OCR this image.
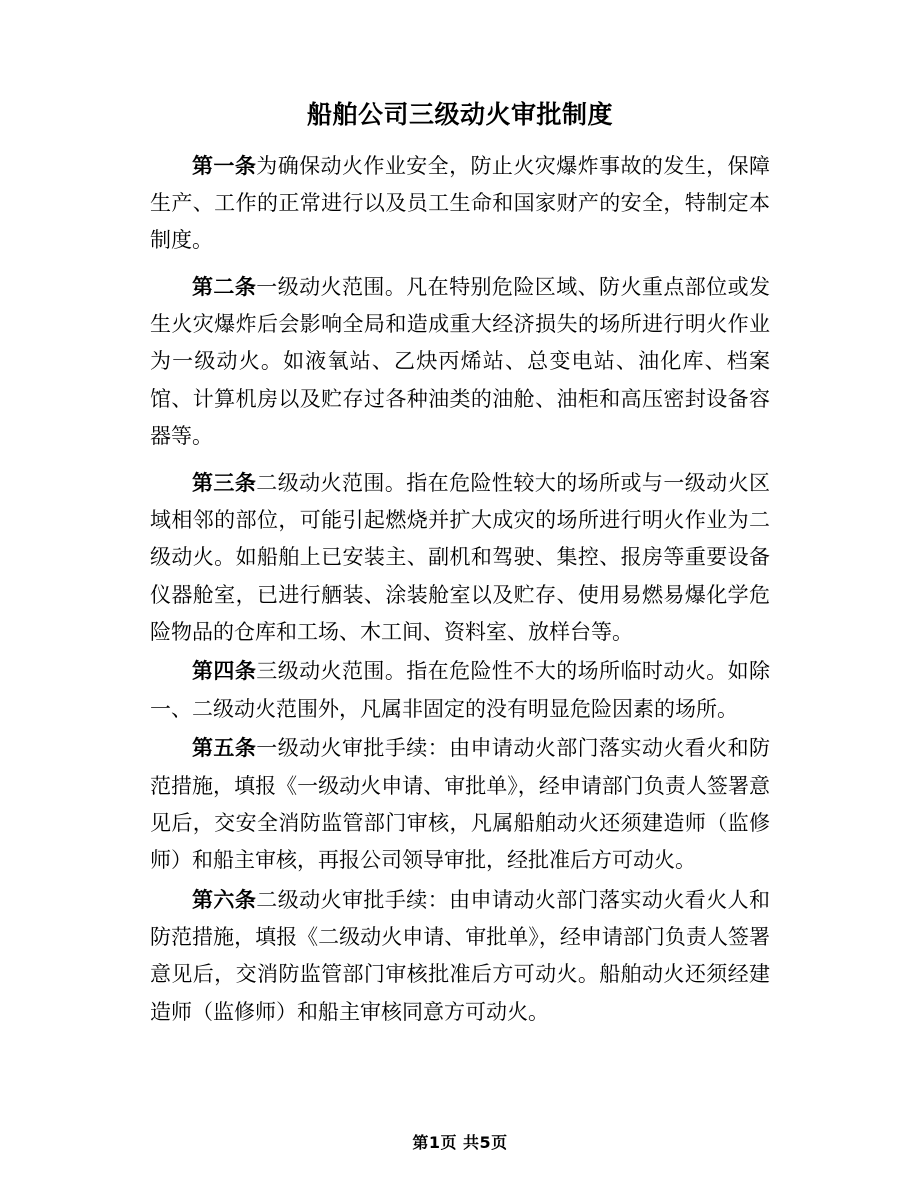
船舶公司三级动火审批制度

第一条为确保动火作业安全，防止火灾爆炸事故的发生，保障生产、工作的正常进行以及员工生命和国家财产的安全，特制定本制度。

第二条一级动火范围。凡在特别危险区域、防火重点部位或发生火灾爆炸后会影响全局和造成重大经济损失的场所进行明火作业为一级动火。如液氧站、乙炔丙烯站、总变电站、油化库、档案馆、计算机房以及贮存过各种油类的油舱、油柜和高压密封设备容器等。

第三条二级动火范围。指在危险性较大的场所或与一级动火区域相邻的部位，可能引起燃烧并扩大成灾的场所进行明火作业为二级动火。如船舶上已安装主、副机和驾驶、集控、报房等重要设备仪器舱室，已进行舾装、涂装舱室以及贮存、使用易燃易爆化学危险物品的仓库和工场、木工间、资料室、放样台等。

第四条三级动火范围。指在危险性不大的场所临时动火。如除一、二级动火范围外，凡属非固定的没有明显危险因素的场所。

第五条一级动火审批手续：由申请动火部门落实动火看火和防范措施，填报《一级动火申请、审批单》，经申请部门负责人签署意见后，交安全消防监管部门审核，凡属船舶动火还须建造师（监修师）和船主审核，再报公司领导审批，经批准后方可动火。

第六条二级动火审批手续：由申请动火部门落实动火看火人和防范措施，填报《二级动火申请、审批单》，经申请部门负责人签署意见后，交消防监管部门审核批准后方可动火。船舶动火还须经建造师（监修师）和船主审核同意方可动火。

第1页 共5页
